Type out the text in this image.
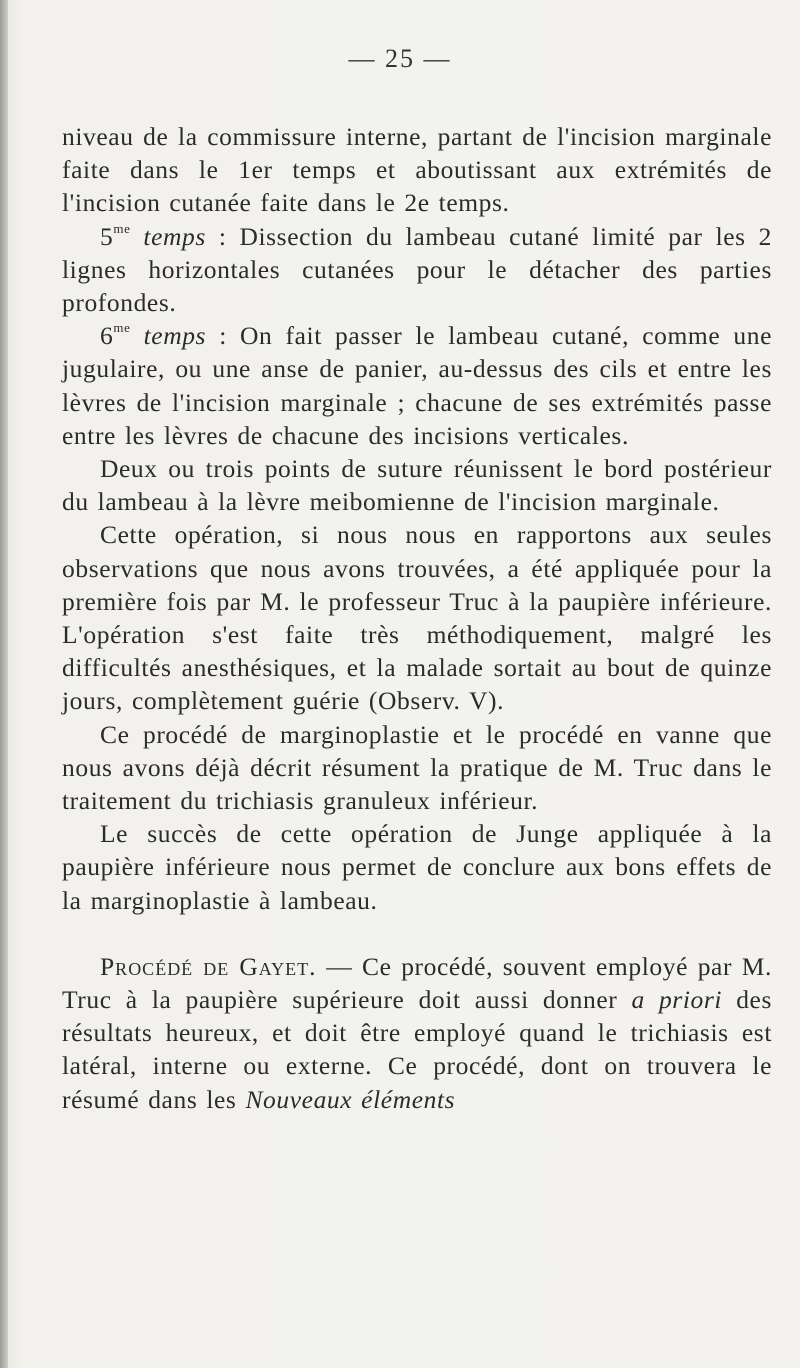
— 25 —

niveau de la commissure interne, partant de l'incision marginale faite dans le 1er temps et aboutissant aux extrémités de l'incision cutanée faite dans le 2e temps.

$5^{me}$ temps : Dissection du lambeau cutané limité par les 2 lignes horizontales cutanées pour le détacher des parties profondes.

$6^{me}$ temps : On fait passer le lambeau cutané, comme une jugulaire, ou une anse de panier, au-dessus des cils et entre les lèvres de l'incision marginale ; chacune de ses extrémités passe entre les lèvres de chacune des incisions verticales.

Deux ou trois points de suture réunissent le bord postérieur du lambeau à la lèvre meibomienne de l'incision marginale.

Cette opération, si nous nous en rapportons aux seules observations que nous avons trouvées, a été appliquée pour la première fois par M. le professeur Truc à la paupière inférieure. L'opération s'est faite très méthodiquement, malgré les difficultés anesthésiques, et la malade sortait au bout de quinze jours, complètement guérie (Observ. V).

Ce procédé de marginoplastie et le procédé en vanne que nous avons déjà décrit résument la pratique de M. Truc dans le traitement du trichiasis granuleux inférieur.

Le succès de cette opération de Junge appliquée à la paupière inférieure nous permet de conclure aux bons effets de la marginoplastie à lambeau.

Procédé de Gayet. — Ce procédé, souvent employé par M. Truc à la paupière supérieure doit aussi donner a priori des résultats heureux, et doit être employé quand le trichiasis est latéral, interne ou externe. Ce procédé, dont on trouvera le résumé dans les Nouveaux éléments
